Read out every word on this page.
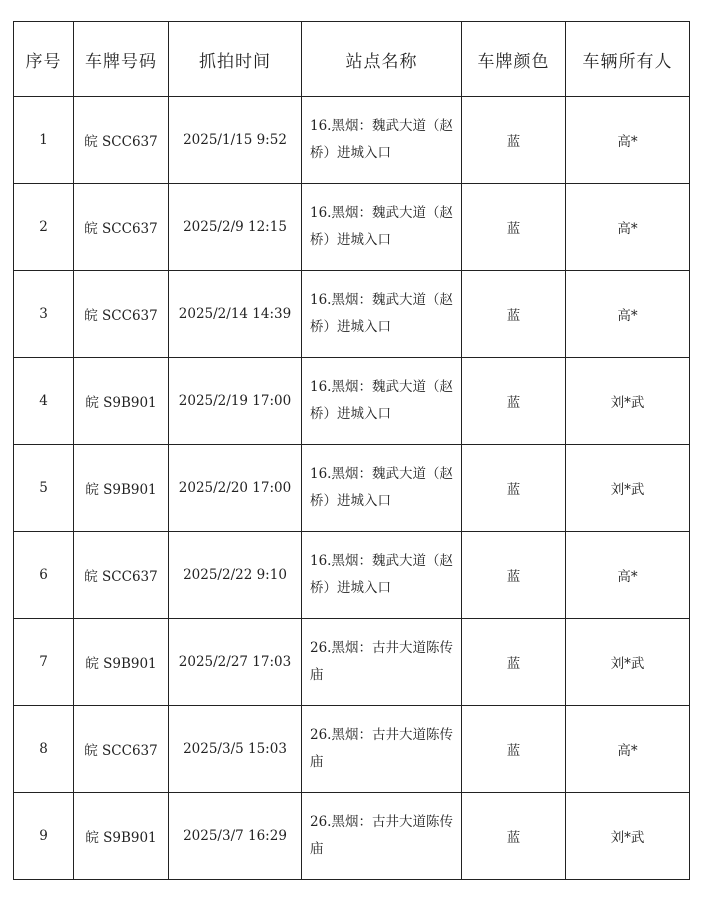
序号	车牌号码	抓拍时间	站点名称	车牌颜色	车辆所有人
1	皖 SCC637	2025/1/15 9:52	16.黑烟：魏武大道（赵桥）进城入口	蓝	高*
2	皖 SCC637	2025/2/9 12:15	16.黑烟：魏武大道（赵桥）进城入口	蓝	高*
3	皖 SCC637	2025/2/14 14:39	16.黑烟：魏武大道（赵桥）进城入口	蓝	高*
4	皖 S9B901	2025/2/19 17:00	16.黑烟：魏武大道（赵桥）进城入口	蓝	刘*武
5	皖 S9B901	2025/2/20 17:00	16.黑烟：魏武大道（赵桥）进城入口	蓝	刘*武
6	皖 SCC637	2025/2/22 9:10	16.黑烟：魏武大道（赵桥）进城入口	蓝	高*
7	皖 S9B901	2025/2/27 17:03	26.黑烟：古井大道陈传庙	蓝	刘*武
8	皖 SCC637	2025/3/5 15:03	26.黑烟：古井大道陈传庙	蓝	高*
9	皖 S9B901	2025/3/7 16:29	26.黑烟：古井大道陈传庙	蓝	刘*武
